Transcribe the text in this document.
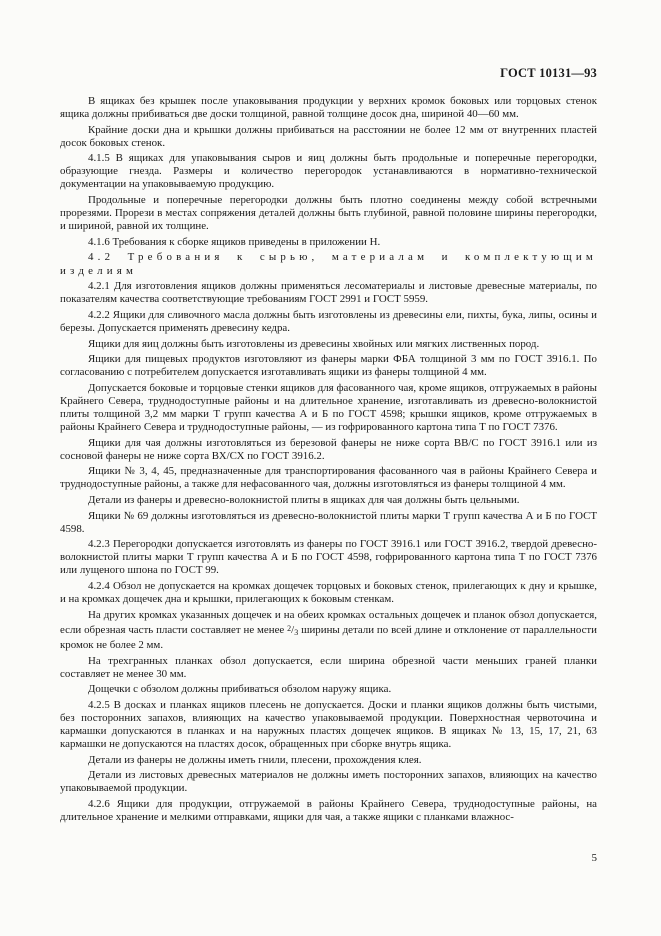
ГОСТ 10131—93

В ящиках без крышек после упаковывания продукции у верхних кромок боковых или торцовых стенок ящика должны прибиваться две доски толщиной, равной толщине досок дна, шириной 40—60 мм.

Крайние доски дна и крышки должны прибиваться на расстоянии не более 12 мм от внутренних пластей досок боковых стенок.

4.1.5 В ящиках для упаковывания сыров и яиц должны быть продольные и поперечные перегородки, образующие гнезда. Размеры и количество перегородок устанавливаются в нормативно-технической документации на упаковываемую продукцию.

Продольные и поперечные перегородки должны быть плотно соединены между собой встречными прорезями. Прорези в местах сопряжения деталей должны быть глубиной, равной половине ширины перегородки, и шириной, равной их толщине.

4.1.6 Требования к сборке ящиков приведены в приложении Н.

4.2 Требования к сырью, материалам и комплектующим изделиям

4.2.1 Для изготовления ящиков должны применяться лесоматериалы и листовые древесные материалы, по показателям качества соответствующие требованиям ГОСТ 2991 и ГОСТ 5959.

4.2.2 Ящики для сливочного масла должны быть изготовлены из древесины ели, пихты, бука, липы, осины и березы. Допускается применять древесину кедра.

Ящики для яиц должны быть изготовлены из древесины хвойных или мягких лиственных пород.

Ящики для пищевых продуктов изготовляют из фанеры марки ФБА толщиной 3 мм по ГОСТ 3916.1. По согласованию с потребителем допускается изготавливать ящики из фанеры толщиной 4 мм.

Допускается боковые и торцовые стенки ящиков для фасованного чая, кроме ящиков, отгружаемых в районы Крайнего Севера, труднодоступные районы и на длительное хранение, изготавливать из древесно-волокнистой плиты толщиной 3,2 мм марки Т групп качества А и Б по ГОСТ 4598; крышки ящиков, кроме отгружаемых в районы Крайнего Севера и труднодоступные районы, — из гофрированного картона типа Т по ГОСТ 7376.

Ящики для чая должны изготовляться из березовой фанеры не ниже сорта ВВ/С по ГОСТ 3916.1 или из сосновой фанеры не ниже сорта ВХ/СХ по ГОСТ 3916.2.

Ящики № 3, 4, 45, предназначенные для транспортирования фасованного чая в районы Крайнего Севера и труднодоступные районы, а также для нефасованного чая, должны изготовляться из фанеры толщиной 4 мм.

Детали из фанеры и древесно-волокнистой плиты в ящиках для чая должны быть цельными.

Ящики № 69 должны изготовляться из древесно-волокнистой плиты марки Т групп качества А и Б по ГОСТ 4598.

4.2.3 Перегородки допускается изготовлять из фанеры по ГОСТ 3916.1 или ГОСТ 3916.2, твердой древесно-волокнистой плиты марки Т групп качества А и Б по ГОСТ 4598, гофрированного картона типа Т по ГОСТ 7376 или лущеного шпона по ГОСТ 99.

4.2.4 Обзол не допускается на кромках дощечек торцовых и боковых стенок, прилегающих к дну и крышке, и на кромках дощечек дна и крышки, прилегающих к боковым стенкам.

На других кромках указанных дощечек и на обеих кромках остальных дощечек и планок обзол допускается, если обрезная часть пласти составляет не менее $^2/_3$ ширины детали по всей длине и отклонение от параллельности кромок не более 2 мм.

На трехгранных планках обзол допускается, если ширина обрезной части меньших граней планки составляет не менее 30 мм.

Дощечки с обзолом должны прибиваться обзолом наружу ящика.

4.2.5 В досках и планках ящиков плесень не допускается. Доски и планки ящиков должны быть чистыми, без посторонних запахов, влияющих на качество упаковываемой продукции. Поверхностная червоточина и кармашки допускаются в планках и на наружных пластях дощечек ящиков. В ящиках № 13, 15, 17, 21, 63 кармашки не допускаются на пластях досок, обращенных при сборке внутрь ящика.

Детали из фанеры не должны иметь гнили, плесени, прохождения клея.

Детали из листовых древесных материалов не должны иметь посторонних запахов, влияющих на качество упаковываемой продукции.

4.2.6 Ящики для продукции, отгружаемой в районы Крайнего Севера, труднодоступные районы, на длительное хранение и мелкими отправками, ящики для чая, а также ящики с планками влажнос-

5
